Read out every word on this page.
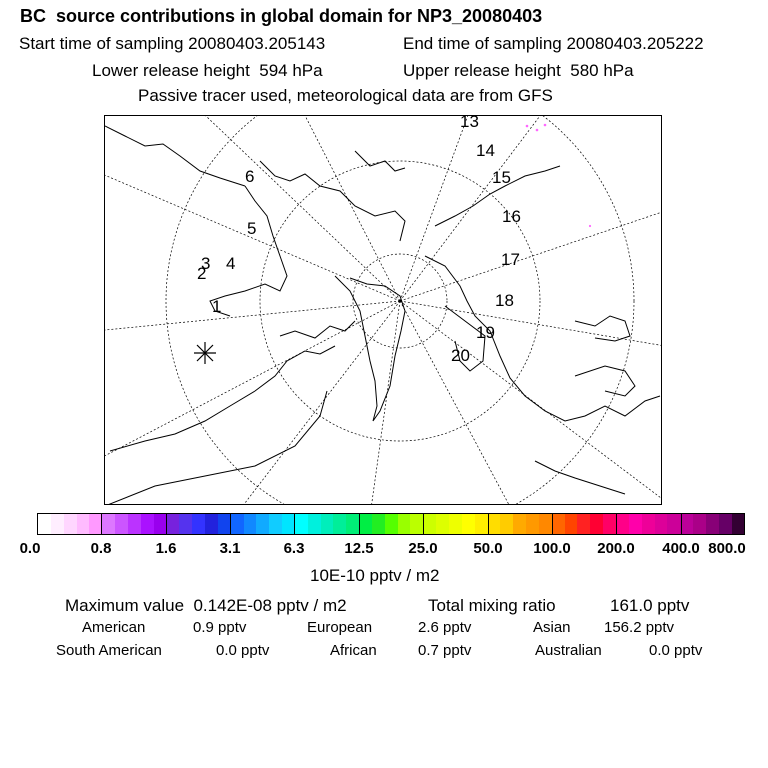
BC  source contributions in global domain for NP3_20080403
Start time of sampling 20080403.205143	End time of sampling 20080403.205222
Lower release height  594 hPa	Upper release height  580 hPa
Passive tracer used, meteorological data are from GFS
13
14
15
16
17
18
19
20
6
5
3 4
2
1
0.0	0.8	1.6	3.1	6.3	12.5 25.0 50.0 100.0 200.0 400.0 800.0
10E-10 pptv / m2
Maximum value  0.142E-08 pptv / m2	Total mixing ratio	161.0 pptv
American	0.9 pptv	European	2.6 pptv	Asian 156.2 pptv
South American	0.0 pptv	African	0.7 pptv	Australian	0.0 pptv
